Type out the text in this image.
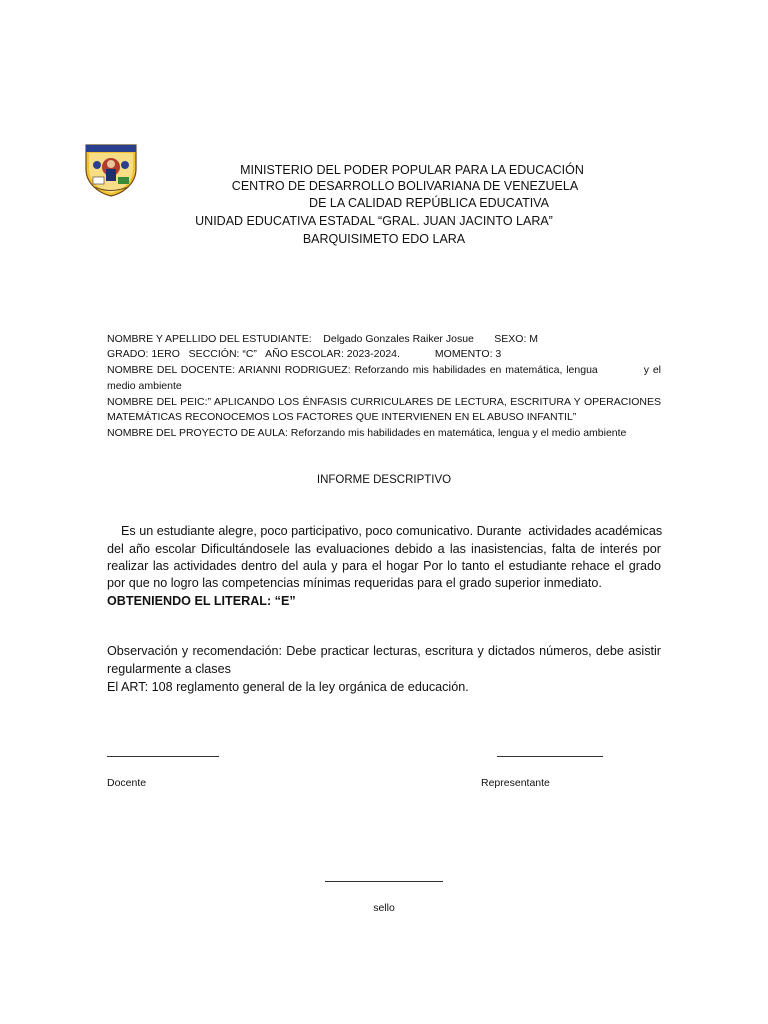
MINISTERIO DEL PODER POPULAR PARA LA EDUCACIÓN
CENTRO DE DESARROLLO BOLIVARIANA DE VENEZUELA
DE LA CALIDAD REPÚBLICA EDUCATIVA
UNIDAD EDUCATIVA ESTADAL “GRAL. JUAN JACINTO LARA”
BARQUISIMETO EDO LARA
NOMBRE Y APELLIDO DEL ESTUDIANTE:    Delgado Gonzales Raiker Josue       SEXO: M
GRADO: 1ERO   SECCIÓN: “C”   AÑO ESCOLAR: 2023-2024.            MOMENTO: 3
NOMBRE DEL DOCENTE: ARIANNI RODRIGUEZ: Reforzando mis habilidades en matemática, lengua            y el
medio ambiente
NOMBRE DEL PEIC:” APLICANDO LOS ÉNFASIS CURRICULARES DE LECTURA, ESCRITURA Y OPERACIONES
MATEMÁTICAS RECONOCEMOS LOS FACTORES QUE INTERVIENEN EN EL ABUSO INFANTIL”
NOMBRE DEL PROYECTO DE AULA: Reforzando mis habilidades en matemática, lengua y el medio ambiente
INFORME DESCRIPTIVO
Es un estudiante alegre, poco participativo, poco comunicativo. Durante  actividades académicas
del año escolar Dificultándosele las evaluaciones debido a las inasistencias, falta de interés por
realizar las actividades dentro del aula y para el hogar Por lo tanto el estudiante rehace el grado
por que no logro las competencias mínimas requeridas para el grado superior inmediato.
OBTENIENDO EL LITERAL: “E”
Observación y recomendación: Debe practicar lecturas, escritura y dictados números, debe asistir
regularmente a clases
El ART: 108 reglamento general de la ley orgánica de educación.
Docente	Representante
sello
